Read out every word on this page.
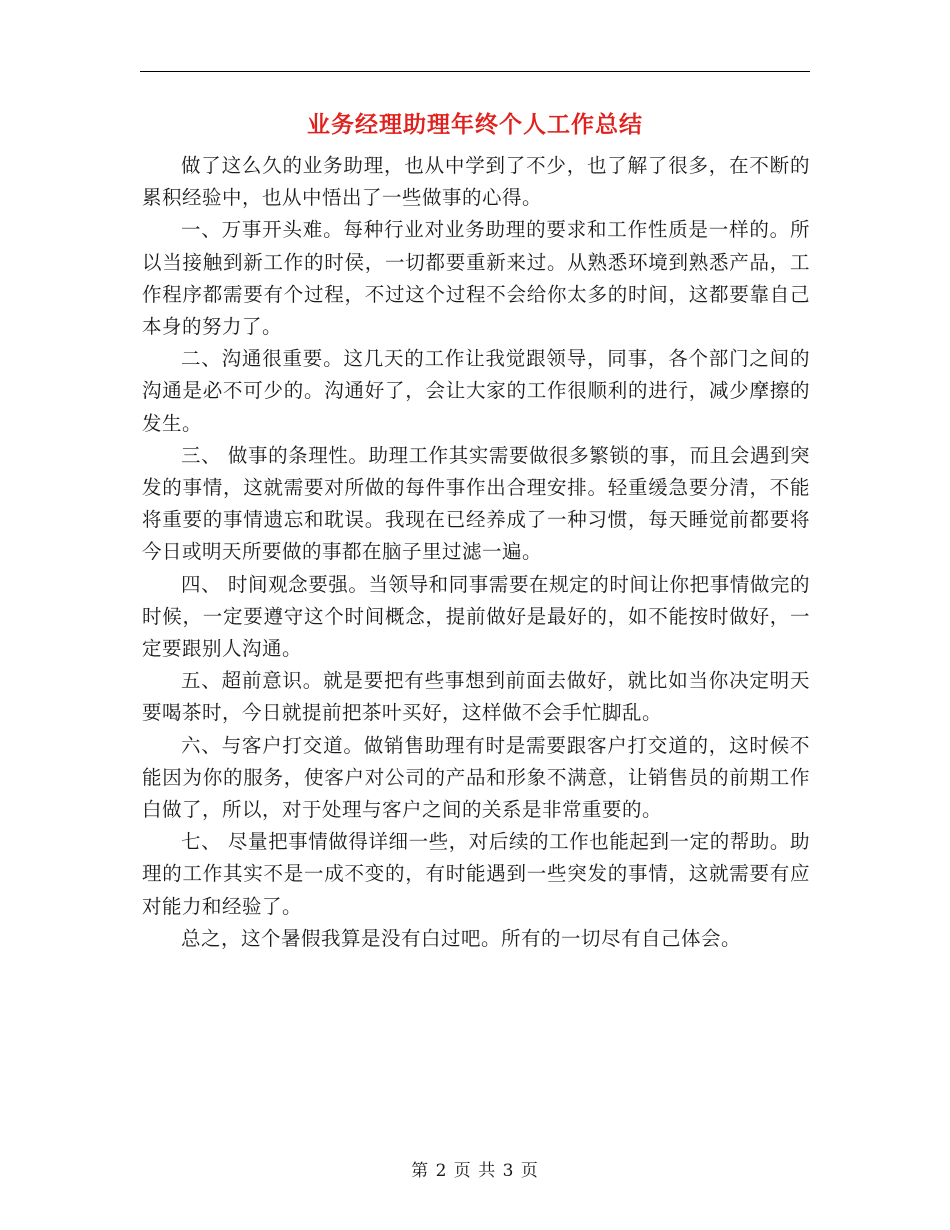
业务经理助理年终个人工作总结

做了这么久的业务助理，也从中学到了不少，也了解了很多，在不断的累积经验中，也从中悟出了一些做事的心得。

一、万事开头难。每种行业对业务助理的要求和工作性质是一样的。所以当接触到新工作的时侯，一切都要重新来过。从熟悉环境到熟悉产品，工作程序都需要有个过程，不过这个过程不会给你太多的时间，这都要靠自己本身的努力了。

二、沟通很重要。这几天的工作让我觉跟领导，同事，各个部门之间的沟通是必不可少的。沟通好了，会让大家的工作很顺利的进行，减少摩擦的发生。

三、 做事的条理性。助理工作其实需要做很多繁锁的事，而且会遇到突发的事情，这就需要对所做的每件事作出合理安排。轻重缓急要分清，不能将重要的事情遗忘和耽误。我现在已经养成了一种习惯，每天睡觉前都要将今日或明天所要做的事都在脑子里过滤一遍。

四、 时间观念要强。当领导和同事需要在规定的时间让你把事情做完的时候，一定要遵守这个时间概念，提前做好是最好的，如不能按时做好，一定要跟别人沟通。

五、超前意识。就是要把有些事想到前面去做好，就比如当你决定明天要喝茶时，今日就提前把茶叶买好，这样做不会手忙脚乱。

六、与客户打交道。做销售助理有时是需要跟客户打交道的，这时候不能因为你的服务，使客户对公司的产品和形象不满意，让销售员的前期工作白做了，所以，对于处理与客户之间的关系是非常重要的。

七、 尽量把事情做得详细一些，对后续的工作也能起到一定的帮助。助理的工作其实不是一成不变的，有时能遇到一些突发的事情，这就需要有应对能力和经验了。

总之，这个暑假我算是没有白过吧。所有的一切尽有自己体会。

第 2 页 共 3 页
